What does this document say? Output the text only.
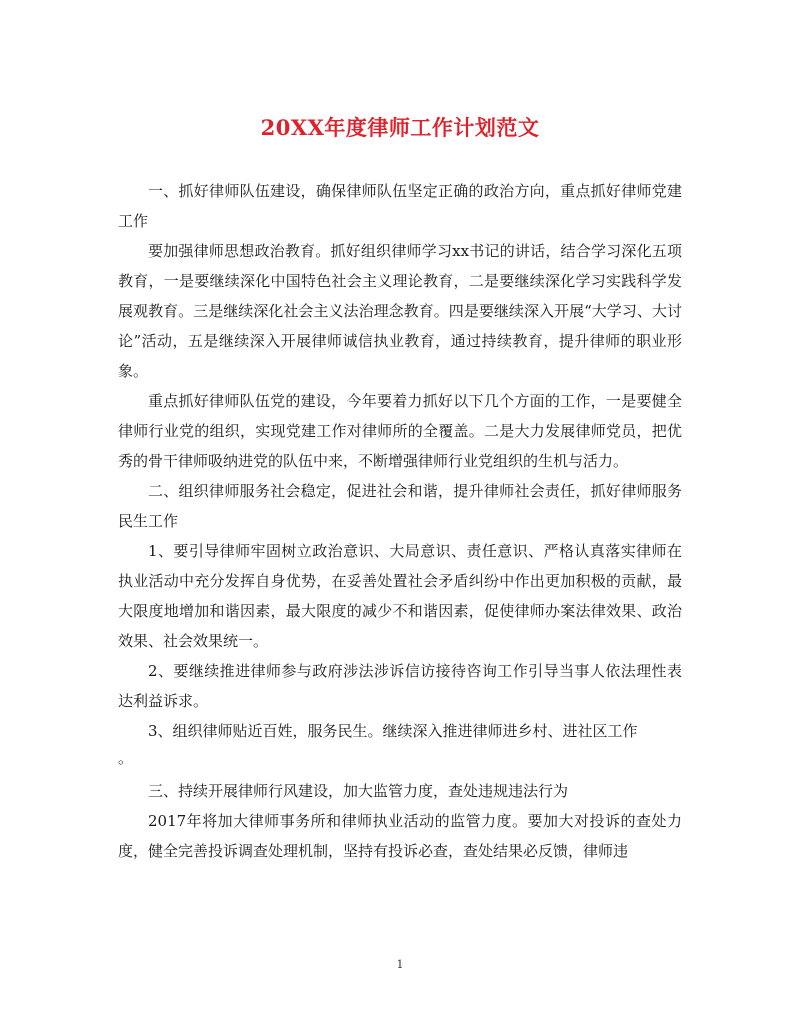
20XX年度律师工作计划范文

一、抓好律师队伍建设，确保律师队伍坚定正确的政治方向，重点抓好律师党建工作

要加强律师思想政治教育。抓好组织律师学习xx书记的讲话，结合学习深化五项教育，一是要继续深化中国特色社会主义理论教育，二是要继续深化学习实践科学发展观教育。三是继续深化社会主义法治理念教育。四是要继续深入开展“大学习、大讨论”活动，五是继续深入开展律师诚信执业教育，通过持续教育，提升律师的职业形象。

重点抓好律师队伍党的建设，今年要着力抓好以下几个方面的工作，一是要健全律师行业党的组织，实现党建工作对律师所的全覆盖。二是大力发展律师党员，把优秀的骨干律师吸纳进党的队伍中来，不断增强律师行业党组织的生机与活力。

二、组织律师服务社会稳定，促进社会和谐，提升律师社会责任，抓好律师服务民生工作

1、要引导律师牢固树立政治意识、大局意识、责任意识、严格认真落实律师在执业活动中充分发挥自身优势，在妥善处置社会矛盾纠纷中作出更加积极的贡献，最大限度地增加和谐因素，最大限度的减少不和谐因素，促使律师办案法律效果、政治效果、社会效果统一。

2、要继续推进律师参与政府涉法涉诉信访接待咨询工作引导当事人依法理性表达利益诉求。

3、组织律师贴近百姓，服务民生。继续深入推进律师进乡村、进社区工作

。

三、持续开展律师行风建设，加大监管力度，查处违规违法行为

2017年将加大律师事务所和律师执业活动的监管力度。要加大对投诉的查处力度，健全完善投诉调查处理机制，坚持有投诉必查，查处结果必反馈，律师违

1
